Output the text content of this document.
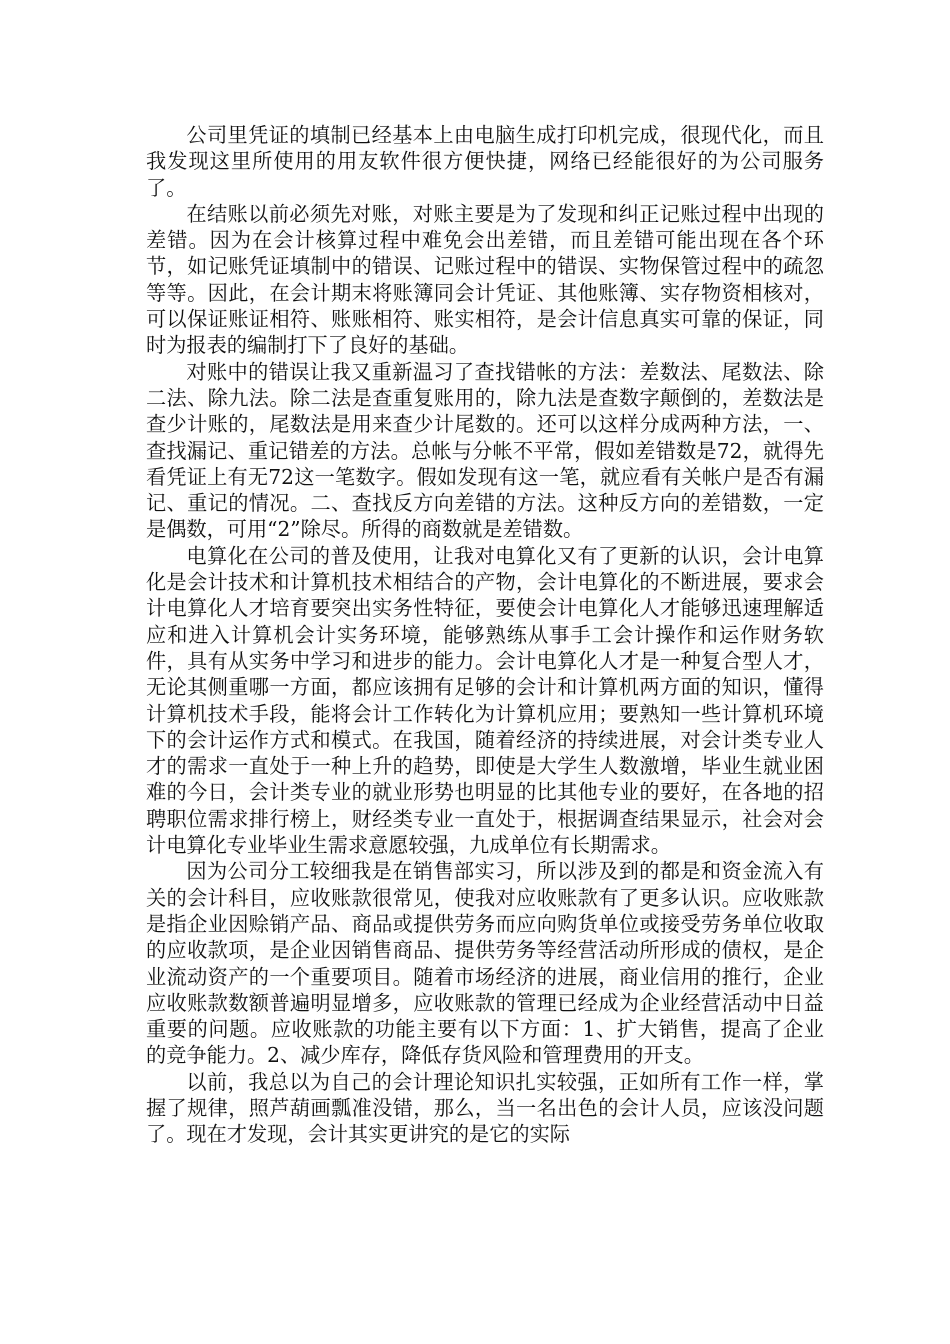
公司里凭证的填制已经基本上由电脑生成打印机完成，很现代化，而且我发现这里所使用的用友软件很方便快捷，网络已经能很好的为公司服务了。

在结账以前必须先对账，对账主要是为了发现和纠正记账过程中出现的差错。因为在会计核算过程中难免会出差错，而且差错可能出现在各个环节，如记账凭证填制中的错误、记账过程中的错误、实物保管过程中的疏忽等等。因此，在会计期末将账簿同会计凭证、其他账簿、实存物资相核对，可以保证账证相符、账账相符、账实相符，是会计信息真实可靠的保证，同时为报表的编制打下了良好的基础。

对账中的错误让我又重新温习了查找错帐的方法：差数法、尾数法、除二法、除九法。除二法是查重复账用的，除九法是查数字颠倒的，差数法是查少计账的，尾数法是用来查少计尾数的。还可以这样分成两种方法，一、查找漏记、重记错差的方法。总帐与分帐不平常，假如差错数是72，就得先看凭证上有无72这一笔数字。假如发现有这一笔，就应看有关帐户是否有漏记、重记的情况。二、查找反方向差错的方法。这种反方向的差错数，一定是偶数，可用“2”除尽。所得的商数就是差错数。

电算化在公司的普及使用，让我对电算化又有了更新的认识，会计电算化是会计技术和计算机技术相结合的产物，会计电算化的不断进展，要求会计电算化人才培育要突出实务性特征，要使会计电算化人才能够迅速理解适应和进入计算机会计实务环境，能够熟练从事手工会计操作和运作财务软件，具有从实务中学习和进步的能力。会计电算化人才是一种复合型人才，无论其侧重哪一方面，都应该拥有足够的会计和计算机两方面的知识，懂得计算机技术手段，能将会计工作转化为计算机应用；要熟知一些计算机环境下的会计运作方式和模式。在我国，随着经济的持续进展，对会计类专业人才的需求一直处于一种上升的趋势，即使是大学生人数激增，毕业生就业困难的今日，会计类专业的就业形势也明显的比其他专业的要好，在各地的招聘职位需求排行榜上，财经类专业一直处于，根据调查结果显示，社会对会计电算化专业毕业生需求意愿较强，九成单位有长期需求。

因为公司分工较细我是在销售部实习，所以涉及到的都是和资金流入有关的会计科目，应收账款很常见，使我对应收账款有了更多认识。应收账款是指企业因赊销产品、商品或提供劳务而应向购货单位或接受劳务单位收取的应收款项，是企业因销售商品、提供劳务等经营活动所形成的债权，是企业流动资产的一个重要项目。随着市场经济的进展，商业信用的推行，企业应收账款数额普遍明显增多，应收账款的管理已经成为企业经营活动中日益重要的问题。应收账款的功能主要有以下方面：1、扩大销售，提高了企业的竞争能力。2、减少库存，降低存货风险和管理费用的开支。

以前，我总以为自己的会计理论知识扎实较强，正如所有工作一样，掌握了规律，照芦葫画瓢准没错，那么，当一名出色的会计人员，应该没问题了。现在才发现，会计其实更讲究的是它的实际
